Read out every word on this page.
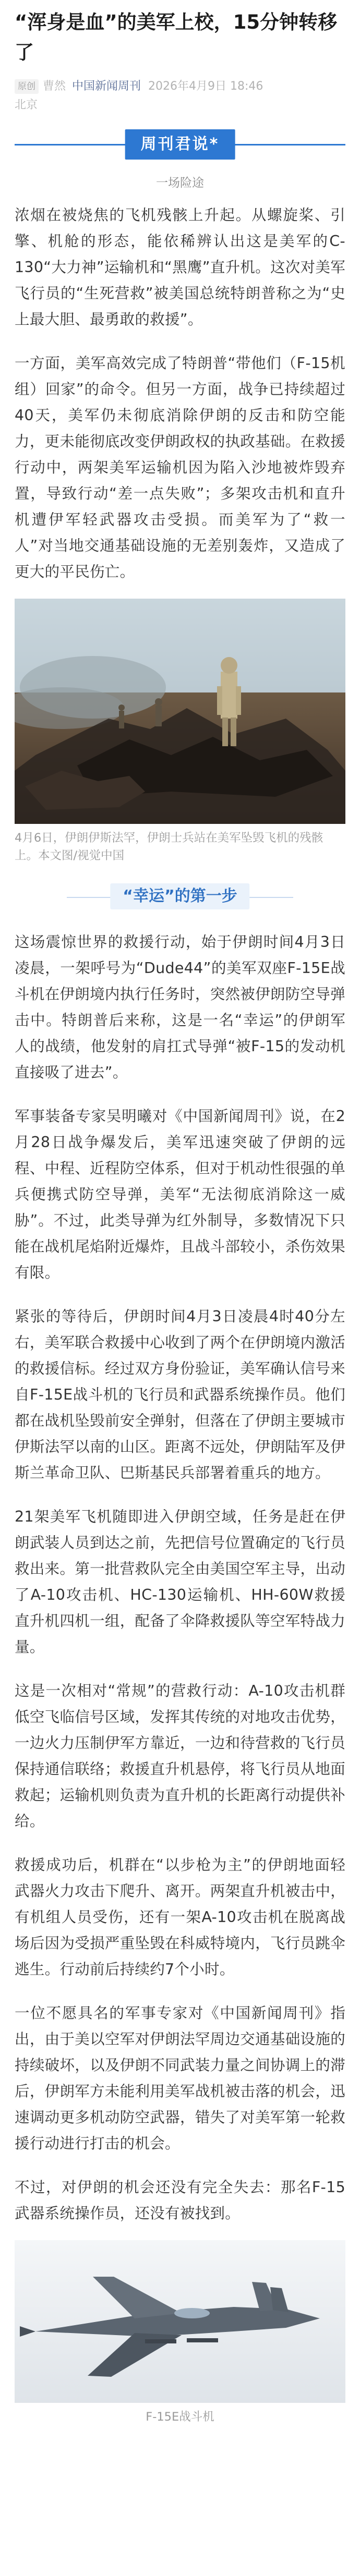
“浑身是血”的美军上校，15分钟转移了
原创 曹然 中国新闻周刊 2026年4月9日 18:46
北京
周刊君说*
一场险途

浓烟在被烧焦的飞机残骸上升起。从螺旋桨、引擎、机舱的形态，能依稀辨认出这是美军的C-130“大力神”运输机和“黑鹰”直升机。这次对美军飞行员的“生死营救”被美国总统特朗普称之为“史上最大胆、最勇敢的救援”。

一方面，美军高效完成了特朗普“带他们（F-15机组）回家”的命令。但另一方面，战争已持续超过40天，美军仍未彻底消除伊朗的反击和防空能力，更未能彻底改变伊朗政权的执政基础。在救援行动中，两架美军运输机因为陷入沙地被炸毁弃置，导致行动“差一点失败”；多架攻击机和直升机遭伊军轻武器攻击受损。而美军为了“救一人”对当地交通基础设施的无差别轰炸，又造成了更大的平民伤亡。

4月6日，伊朗伊斯法罕，伊朗士兵站在美军坠毁飞机的残骸上。本文图/视觉中国
“幸运”的第一步

这场震惊世界的救援行动，始于伊朗时间4月3日凌晨，一架呼号为“Dude44”的美军双座F-15E战斗机在伊朗境内执行任务时，突然被伊朗防空导弹击中。特朗普后来称，这是一名“幸运”的伊朗军人的战绩，他发射的肩扛式导弹“被F-15的发动机直接吸了进去”。

军事装备专家吴明曦对《中国新闻周刊》说，在2月28日战争爆发后，美军迅速突破了伊朗的远程、中程、近程防空体系，但对于机动性很强的单兵便携式防空导弹，美军“无法彻底消除这一威胁”。不过，此类导弹为红外制导，多数情况下只能在战机尾焰附近爆炸，且战斗部较小，杀伤效果有限。

紧张的等待后，伊朗时间4月3日凌晨4时40分左右，美军联合救援中心收到了两个在伊朗境内激活的救援信标。经过双方身份验证，美军确认信号来自F-15E战斗机的飞行员和武器系统操作员。他们都在战机坠毁前安全弹射，但落在了伊朗主要城市伊斯法罕以南的山区。距离不远处，伊朗陆军及伊斯兰革命卫队、巴斯基民兵部署着重兵的地方。

21架美军飞机随即进入伊朗空域，任务是赶在伊朗武装人员到达之前，先把信号位置确定的飞行员救出来。第一批营救队完全由美国空军主导，出动了A-10攻击机、HC-130运输机、HH-60W救援直升机四机一组，配备了伞降救援队等空军特战力量。

这是一次相对“常规”的营救行动：A-10攻击机群低空飞临信号区域，发挥其传统的对地攻击优势，一边火力压制伊军方靠近，一边和待营救的飞行员保持通信联络；救援直升机悬停，将飞行员从地面救起；运输机则负责为直升机的长距离行动提供补给。

救援成功后，机群在“以步枪为主”的伊朗地面轻武器火力攻击下爬升、离开。两架直升机被击中，有机组人员受伤，还有一架A-10攻击机在脱离战场后因为受损严重坠毁在科威特境内，飞行员跳伞逃生。行动前后持续约7个小时。

一位不愿具名的军事专家对《中国新闻周刊》指出，由于美以空军对伊朗法罕周边交通基础设施的持续破坏，以及伊朗不同武装力量之间协调上的滞后，伊朗军方未能利用美军战机被击落的机会，迅速调动更多机动防空武器，错失了对美军第一轮救援行动进行打击的机会。

不过，对伊朗的机会还没有完全失去：那名F-15武器系统操作员，还没有被找到。

F-15E战斗机
